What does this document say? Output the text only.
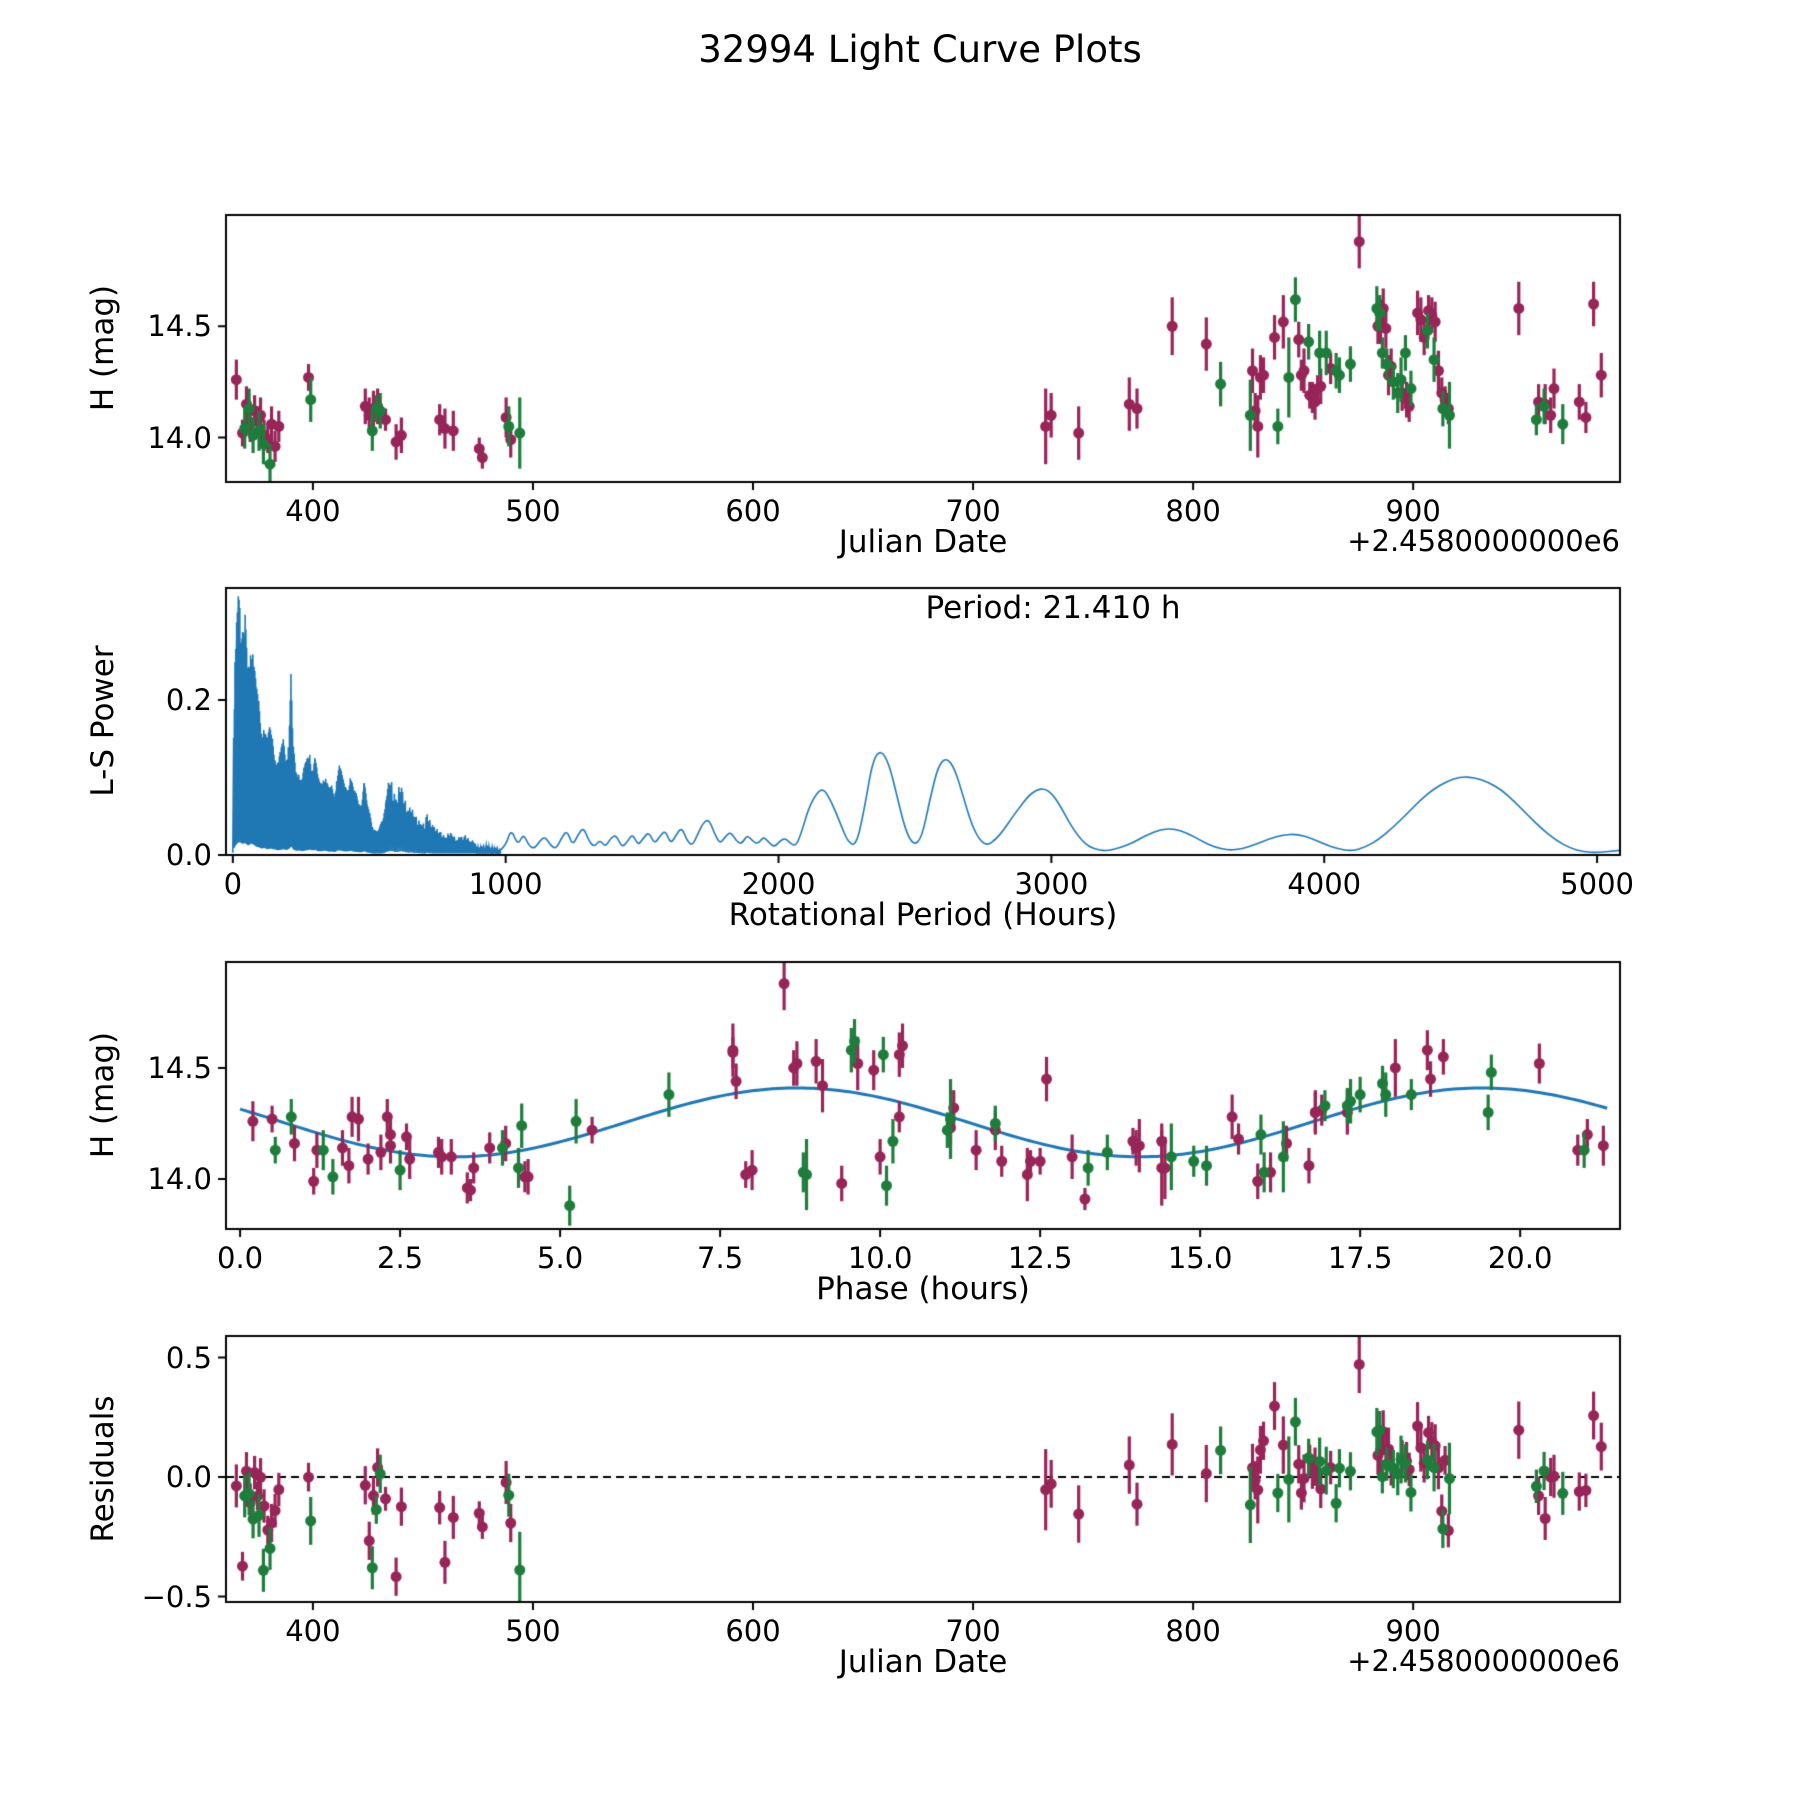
32994 Light Curve Plots
H (mag)
Julian Date	+2.4580000000e6
L-S Power
Period: 21.410 h
Rotational Period (Hours)
H (mag)
Phase (hours)
Residuals
Julian Date	+2.4580000000e6
400	500	600	700	800	900
14.0
14.5
0	1000	2000	3000	4000	5000
0.0
0.2
0.0	2.5	5.0	7.5	10.0	12.5	15.0	17.5	20.0
14.0
14.5
400	500	600	700	800	900
−0.5
0.0
0.5
